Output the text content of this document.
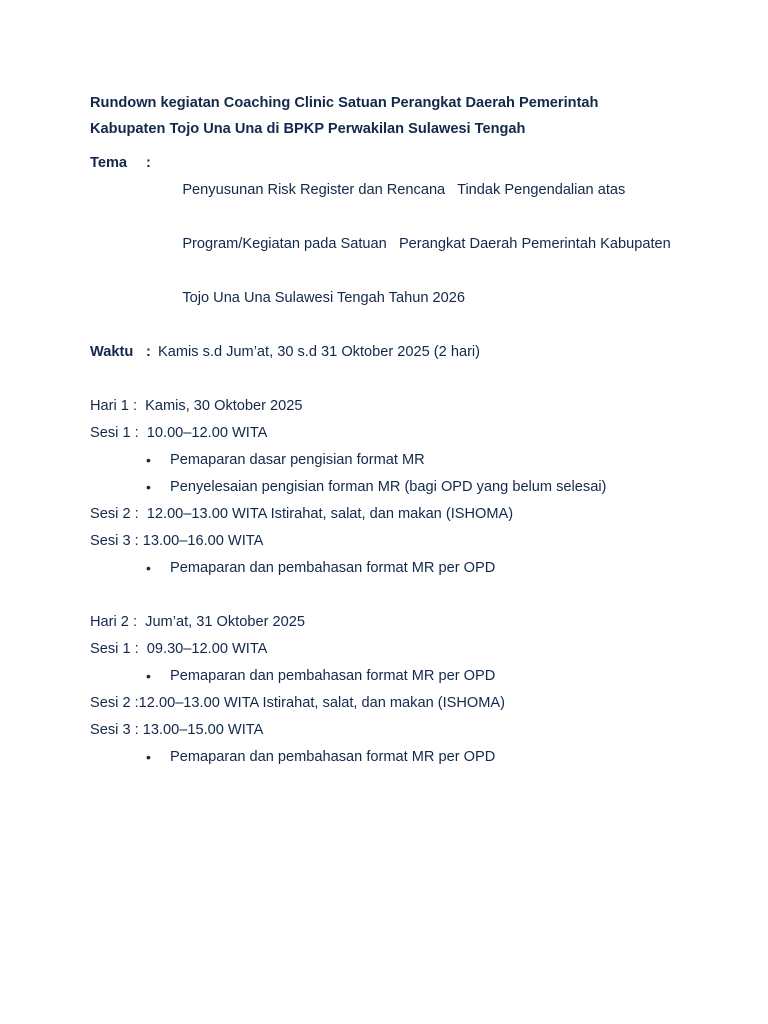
Rundown kegiatan Coaching Clinic Satuan Perangkat Daerah Pemerintah
Kabupaten Tojo Una Una di BPKP Perwakilan Sulawesi Tengah

Tema	:

Penyusunan Risk Register dan Rencana   Tindak Pengendalian atas

Program/Kegiatan pada Satuan   Perangkat Daerah Pemerintah Kabupaten

Tojo Una Una Sulawesi Tengah Tahun 2026

Waktu : Kamis s.d Jum’at, 30 s.d 31 Oktober 2025 (2 hari)
Hari 1 :  Kamis, 30 Oktober 2025
Sesi 1 :  10.00–12.00 WITA
• Pemaparan dasar pengisian format MR
• Penyelesaian pengisian forman MR (bagi OPD yang belum selesai)
Sesi 2 :  12.00–13.00 WITA Istirahat, salat, dan makan (ISHOMA)
Sesi 3 : 13.00–16.00 WITA
• Pemaparan dan pembahasan format MR per OPD
Hari 2 :  Jum’at, 31 Oktober 2025
Sesi 1 :  09.30–12.00 WITA
• Pemaparan dan pembahasan format MR per OPD
Sesi 2 :12.00–13.00 WITA Istirahat, salat, dan makan (ISHOMA)
Sesi 3 : 13.00–15.00 WITA
• Pemaparan dan pembahasan format MR per OPD
